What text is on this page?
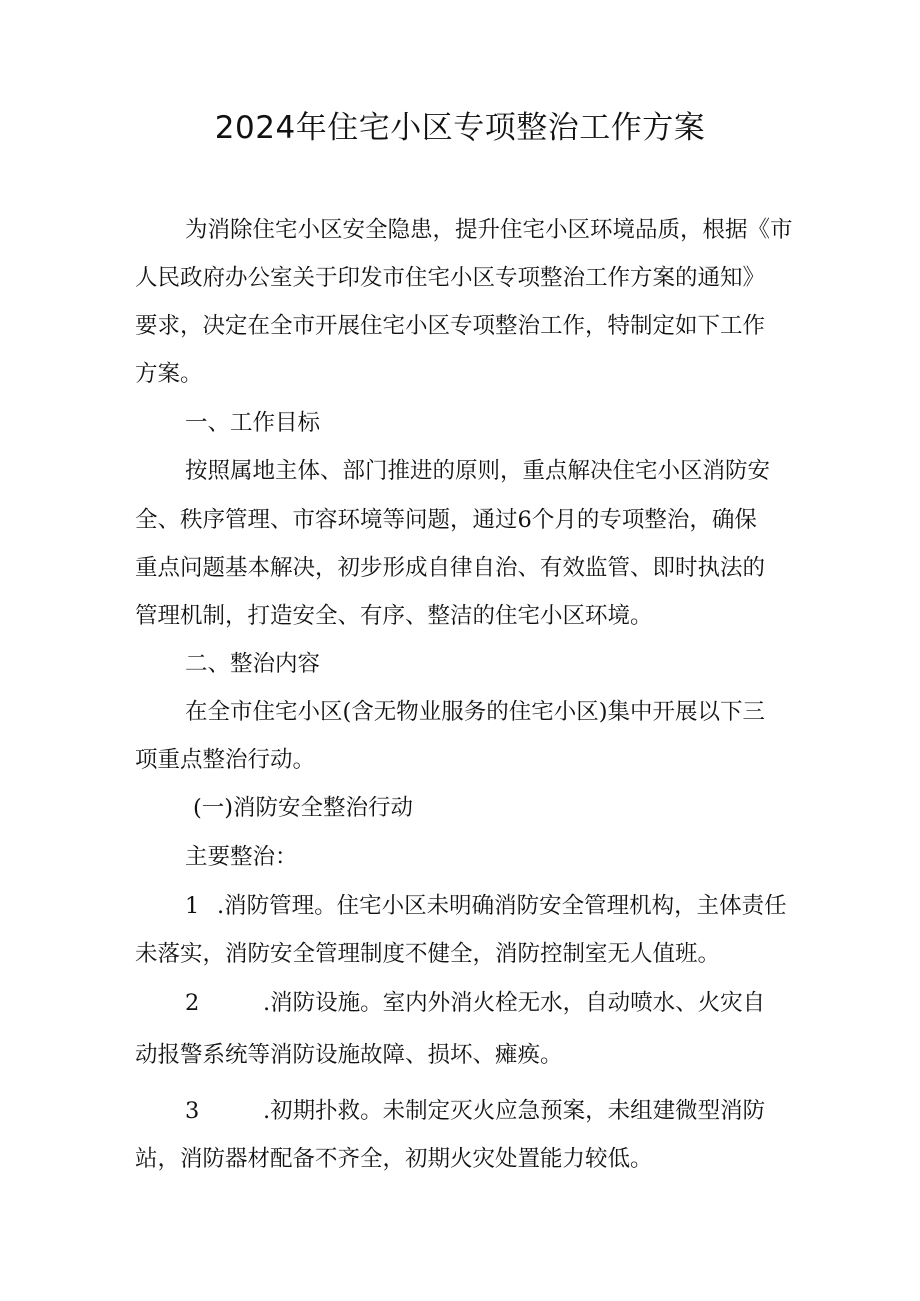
2024年住宅小区专项整治工作方案

为消除住宅小区安全隐患，提升住宅小区环境品质，根据《市

人民政府办公室关于印发市住宅小区专项整治工作方案的通知》

要求，决定在全市开展住宅小区专项整治工作，特制定如下工作

方案。

一、工作目标

按照属地主体、部门推进的原则，重点解决住宅小区消防安

全、秩序管理、市容环境等问题，通过6个月的专项整治，确保

重点问题基本解决，初步形成自律自治、有效监管、即时执法的

管理机制，打造安全、有序、整洁的住宅小区环境。

二、整治内容

在全市住宅小区(含无物业服务的住宅小区)集中开展以下三

项重点整治行动。

(一)消防安全整治行动

主要整治：

1 .消防管理。住宅小区未明确消防安全管理机构，主体责任

未落实，消防安全管理制度不健全，消防控制室无人值班。

2	.消防设施。室内外消火栓无水，自动喷水、火灾自

动报警系统等消防设施故障、损坏、瘫痪。

3	.初期扑救。未制定灭火应急预案，未组建微型消防

站，消防器材配备不齐全，初期火灾处置能力较低。
